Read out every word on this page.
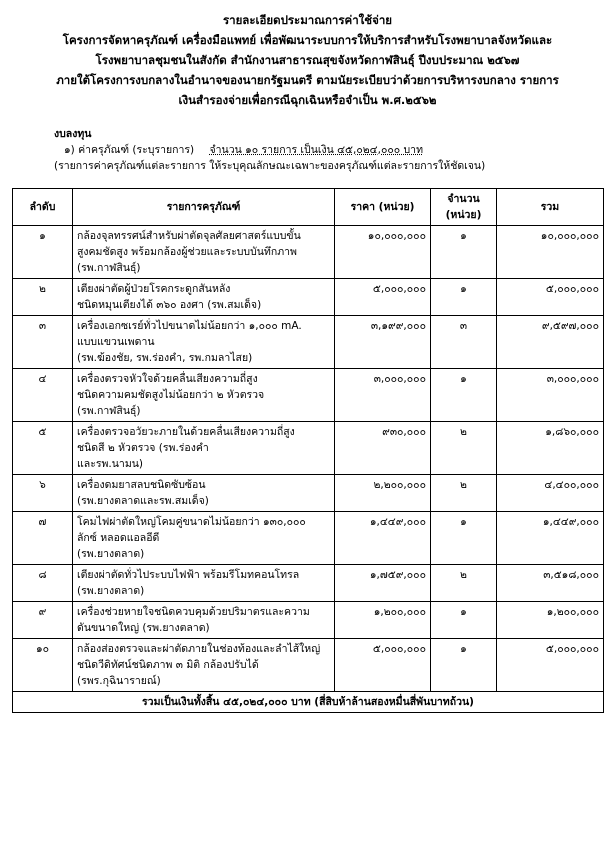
รายละเอียดประมาณการค่าใช้จ่าย
โครงการจัดหาครุภัณฑ์ เครื่องมือแพทย์ เพื่อพัฒนาระบบการให้บริการสำหรับโรงพยาบาลจังหวัดและ
โรงพยาบาลชุมชนในสังกัด สำนักงานสาธารณสุขจังหวัดกาฬสินธุ์ ปีงบประมาณ ๒๕๖๗
ภายใต้โครงการงบกลางในอำนาจของนายกรัฐมนตรี ตามนัยระเบียบว่าด้วยการบริหารงบกลาง รายการ
เงินสำรองจ่ายเพื่อกรณีฉุกเฉินหรือจำเป็น พ.ศ.๒๕๖๒
งบลงทุน
๑) ค่าครุภัณฑ์ (ระบุรายการ) จำนวน ๑๐ รายการ เป็นเงิน ๔๕,๐๒๔,๐๐๐ บาท
(รายการค่าครุภัณฑ์แต่ละรายการ ให้ระบุคุณลักษณะเฉพาะของครุภัณฑ์แต่ละรายการให้ชัดเจน)
ลำดับ	รายการครุภัณฑ์	ราคา (หน่วย)	จำนวน
(หน่วย)	รวม
๑	กล้องจุลทรรศน์สำหรับผ่าตัดจุลศัลยศาสตร์แบบขั้น
สูงคมชัดสูง พร้อมกล้องผู้ช่วยและระบบบันทึกภาพ
(รพ.กาฬสินธุ์)	๑๐,๐๐๐,๐๐๐	๑	๑๐,๐๐๐,๐๐๐
๒	เตียงผ่าตัดผู้ป่วยโรคกระดูกสันหลัง
ชนิดหมุนเตียงได้ ๓๖๐ องศา (รพ.สมเด็จ)	๕,๐๐๐,๐๐๐	๑	๕,๐๐๐,๐๐๐
๓	เครื่องเอกซเรย์ทั่วไปขนาดไม่น้อยกว่า ๑,๐๐๐ mA.
แบบแขวนเพดาน
(รพ.ฆ้องชัย, รพ.ร่องคำ, รพ.กมลาไสย)	๓,๑๙๙,๐๐๐	๓	๙,๕๙๗,๐๐๐
๔	เครื่องตรวจหัวใจด้วยคลื่นเสียงความถี่สูง
ชนิดความคมชัดสูงไม่น้อยกว่า ๒ หัวตรวจ
(รพ.กาฬสินธุ์)	๓,๐๐๐,๐๐๐	๑	๓,๐๐๐,๐๐๐
๕	เครื่องตรวจอวัยวะภายในด้วยคลื่นเสียงความถี่สูง
ชนิดสี ๒ หัวตรวจ (รพ.ร่องคำ
และรพ.นามน)	๙๓๐,๐๐๐	๒	๑,๘๖๐,๐๐๐
๖	เครื่องดมยาสลบชนิดซับซ้อน
(รพ.ยางตลาดและรพ.สมเด็จ)	๒,๒๐๐,๐๐๐	๒	๔,๔๐๐,๐๐๐
๗	โคมไฟผ่าตัดใหญ่โคมคู่ขนาดไม่น้อยกว่า ๑๓๐,๐๐๐
ลักซ์ หลอดแอลอีดี
(รพ.ยางตลาด)	๑,๔๔๙,๐๐๐	๑	๑,๔๔๙,๐๐๐
๘	เตียงผ่าตัดทั่วไประบบไฟฟ้า พร้อมรีโมทคอนโทรล
(รพ.ยางตลาด)	๑,๗๕๙,๐๐๐	๒	๓,๕๑๘,๐๐๐
๙	เครื่องช่วยหายใจชนิดควบคุมด้วยปริมาตรและความ
ดันขนาดใหญ่ (รพ.ยางตลาด)	๑,๒๐๐,๐๐๐	๑	๑,๒๐๐,๐๐๐
๑๐	กล้องส่องตรวจและผ่าตัดภายในช่องท้องและลำไส้ใหญ่
ชนิดวีดิทัศน์ชนิดภาพ ๓ มิติ กล้องปรับได้
(รพร.กุฉินารายณ์)	๕,๐๐๐,๐๐๐	๑	๕,๐๐๐,๐๐๐
รวมเป็นเงินทั้งสิ้น ๔๕,๐๒๔,๐๐๐ บาท (สี่สิบห้าล้านสองหมื่นสี่พันบาทถ้วน)				
